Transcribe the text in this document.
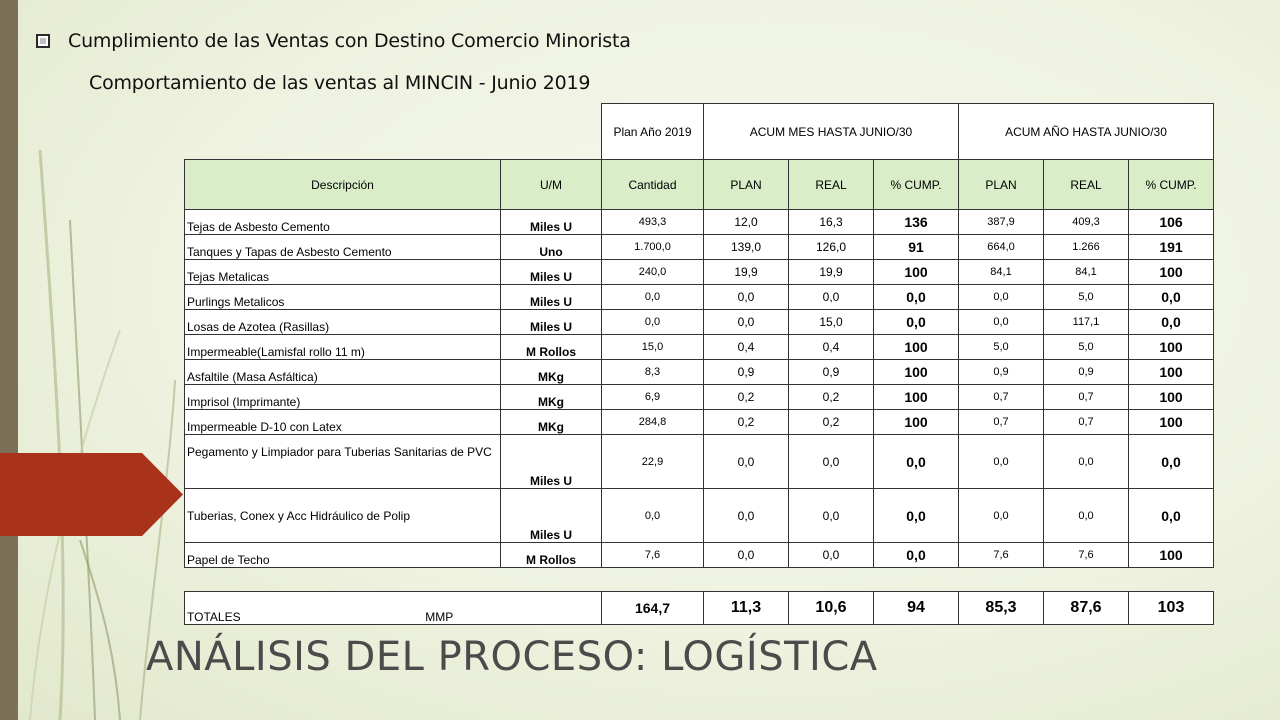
Cumplimiento de las Ventas con Destino Comercio Minorista
Comportamiento de las ventas al MINCIN - Junio 2019
		Plan Año 2019	ACUM MES HASTA JUNIO/30			ACUM AÑO HASTA JUNIO/30		
Descripción	U/M	Cantidad	PLAN	REAL	% CUMP.	PLAN	REAL	% CUMP.
Tejas de Asbesto Cemento	Miles U	493,3	12,0	16,3	136	387,9	409,3	106
Tanques y Tapas de Asbesto Cemento	Uno	1.700,0	139,0	126,0	91	664,0	1.266	191
Tejas Metalicas	Miles U	240,0	19,9	19,9	100	84,1	84,1	100
Purlings Metalicos	Miles U	0,0	0,0	0,0	0,0	0,0	5,0	0,0
Losas de Azotea (Rasillas)	Miles U	0,0	0,0	15,0	0,0	0,0	117,1	0,0
Impermeable(Lamisfal rollo 11 m)	M Rollos	15,0	0,4	0,4	100	5,0	5,0	100
Asfaltile (Masa Asfáltica)	MKg	8,3	0,9	0,9	100	0,9	0,9	100
Imprisol (Imprimante)	MKg	6,9	0,2	0,2	100	0,7	0,7	100
Impermeable D-10 con Latex	MKg	284,8	0,2	0,2	100	0,7	0,7	100
Pegamento y Limpiador para Tuberias Sanitarias de PVC	Miles U	22,9	0,0	0,0	0,0	0,0	0,0	0,0
Tuberias, Conex y Acc Hidráulico de Polip	Miles U	0,0	0,0	0,0	0,0	0,0	0,0	0,0
Papel de Techo	M Rollos	7,6	0,0	0,0	0,0	7,6	7,6	100

TOTALES MMP		164,7	11,3	10,6	94	85,3	87,6	103
ANÁLISIS DEL PROCESO: LOGÍSTICA
